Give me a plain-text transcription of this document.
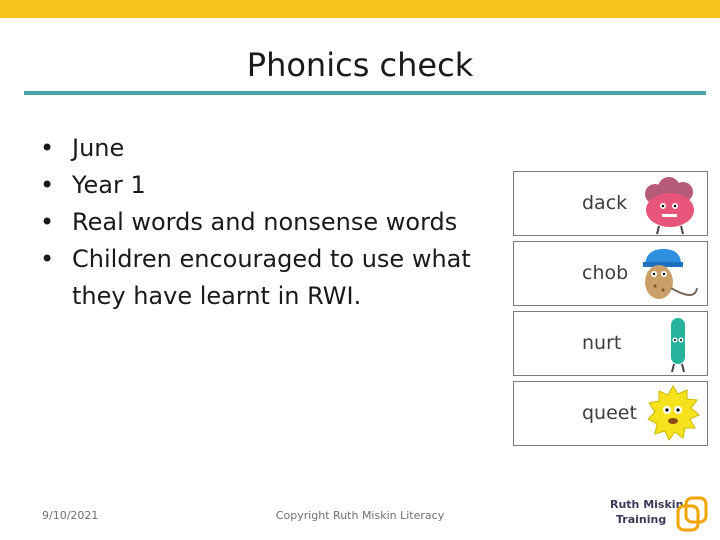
Phonics check
• June
• Year 1
• Real words and nonsense words
• Children encouraged to use what they have learnt in RWI.
dack
chob
nurt
queet
9/10/2021	Copyright Ruth Miskin Literacy
Ruth Miskin
Training
